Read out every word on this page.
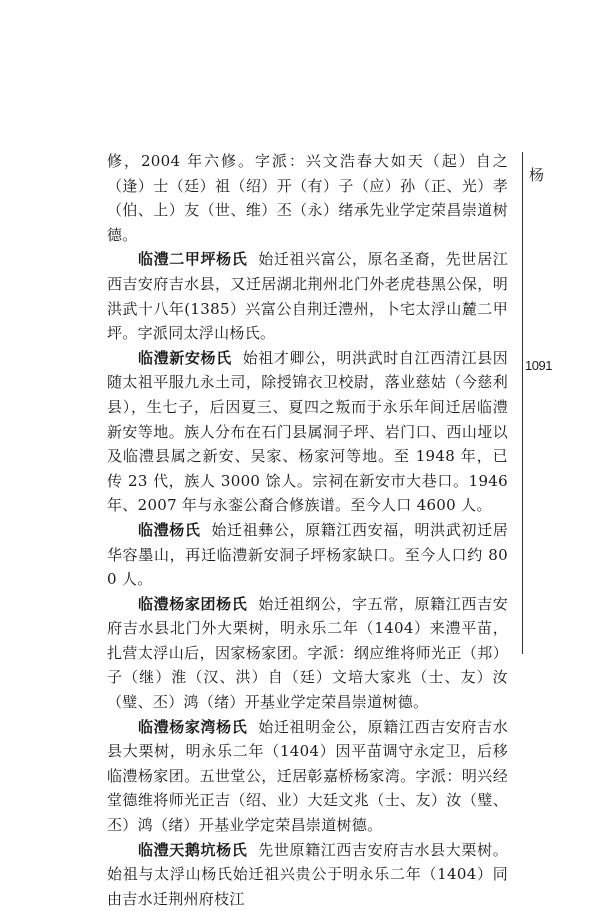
修，2004 年六修。字派：兴文浩春大如天（起）自之（逢）士（廷）祖（绍）开（有）子（应）孙（正、光）孝（伯、上）友（世、维）丕（永）绪承先业学定荣昌崇道树德。

临澧二甲坪杨氏 始迁祖兴富公，原名圣裔，先世居江西吉安府吉水县，又迁居湖北荆州北门外老虎巷黑公保，明洪武十八年(1385）兴富公自荆迁澧州，卜宅太浮山麓二甲坪。字派同太浮山杨氏。

临澧新安杨氏 始祖才卿公，明洪武时自江西清江县因随太祖平服九永土司，除授锦衣卫校尉，落业慈姑（今慈利县），生七子，后因夏三、夏四之叛而于永乐年间迁居临澧新安等地。族人分布在石门县属洞子坪、岩门口、西山垭以及临澧县属之新安、吴家、杨家河等地。至 1948 年，已传 23 代，族人 3000 馀人。宗祠在新安市大巷口。1946 年、2007 年与永銮公裔合修族谱。至今人口 4600 人。

临澧杨氏 始迁祖彝公，原籍江西安福，明洪武初迁居华容墨山，再迁临澧新安洞子坪杨家缺口。至今人口约 800 人。

临澧杨家团杨氏 始迁祖纲公，字五常，原籍江西吉安府吉水县北门外大栗树，明永乐二年（1404）来澧平苗，扎营太浮山后，因家杨家团。字派：纲应维将师光正（邦）子（继）淮（汉、洪）自（廷）文培大家兆（士、友）汝（璧、丕）鸿（绪）开基业学定荣昌崇道树德。

临澧杨家湾杨氏 始迁祖明金公，原籍江西吉安府吉水县大栗树，明永乐二年（1404）因平苗调守永定卫，后移临澧杨家团。五世堂公，迁居彰嘉桥杨家湾。字派：明兴经堂德维将师光正吉（绍、业）大廷文兆（士、友）汝（璧、丕）鸿（绪）开基业学定荣昌崇道树德。

临澧天鹅坑杨氏 先世原籍江西吉安府吉水县大栗树。始祖与太浮山杨氏始迁祖兴贵公于明永乐二年（1404）同由吉水迁荆州府枝江

杨
1091
